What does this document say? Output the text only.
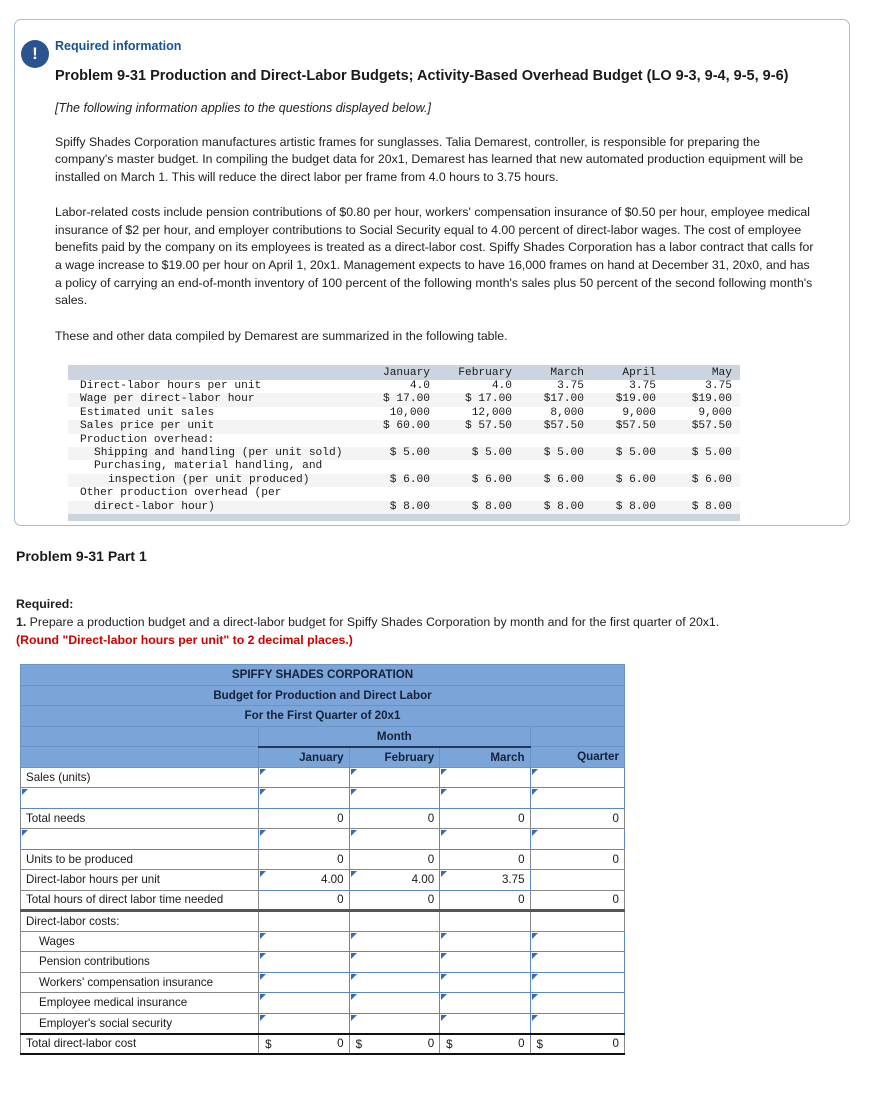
!
Required information
Problem 9-31 Production and Direct-Labor Budgets; Activity-Based Overhead Budget (LO 9-3, 9-4, 9-5, 9-6)
[The following information applies to the questions displayed below.]
Spiffy Shades Corporation manufactures artistic frames for sunglasses. Talia Demarest, controller, is responsible for preparing the company's master budget. In compiling the budget data for 20x1, Demarest has learned that new automated production equipment will be installed on March 1. This will reduce the direct labor per frame from 4.0 hours to 3.75 hours.
Labor-related costs include pension contributions of $0.80 per hour, workers' compensation insurance of $0.50 per hour, employee medical insurance of $2 per hour, and employer contributions to Social Security equal to 4.00 percent of direct-labor wages. The cost of employee benefits paid by the company on its employees is treated as a direct-labor cost. Spiffy Shades Corporation has a labor contract that calls for a wage increase to $19.00 per hour on April 1, 20x1. Management expects to have 16,000 frames on hand at December 31, 20x0, and has a policy of carrying an end-of-month inventory of 100 percent of the following month's sales plus 50 percent of the second following month's sales.
These and other data compiled by Demarest are summarized in the following table.
	January	February	March	April	May
Direct-labor hours per unit	4.0	4.0	3.75	3.75	3.75
Wage per direct-labor hour	$ 17.00	$ 17.00	$17.00	$19.00	$19.00
Estimated unit sales	10,000	12,000	8,000	9,000	9,000
Sales price per unit	$ 60.00	$ 57.50	$57.50	$57.50	$57.50
Production overhead:					
Shipping and handling (per unit sold)	$ 5.00	$ 5.00	$ 5.00	$ 5.00	$ 5.00
Purchasing, material handling, and					
inspection (per unit produced)	$ 6.00	$ 6.00	$ 6.00	$ 6.00	$ 6.00
Other production overhead (per					
direct-labor hour)	$ 8.00	$ 8.00	$ 8.00	$ 8.00	$ 8.00
Problem 9-31 Part 1
Required:
1. Prepare a production budget and a direct-labor budget for Spiffy Shades Corporation by month and for the first quarter of 20x1.
(Round "Direct-labor hours per unit" to 2 decimal places.)
SPIFFY SHADES CORPORATION				
Budget for Production and Direct Labor				
For the First Quarter of 20x1				
	Month			
	January	February	March	Quarter
Sales (units)				

Total needs	0	0	0	0

Units to be produced	0	0	0	0
Direct-labor hours per unit	4.00	4.00	3.75	
Total hours of direct labor time needed	0	0	0	0
Direct-labor costs:				
Wages				
Pension contributions				
Workers' compensation insurance				
Employee medical insurance				
Employer's social security				
Total direct-labor cost	$ 0	$ 0	$ 0	$ 0
